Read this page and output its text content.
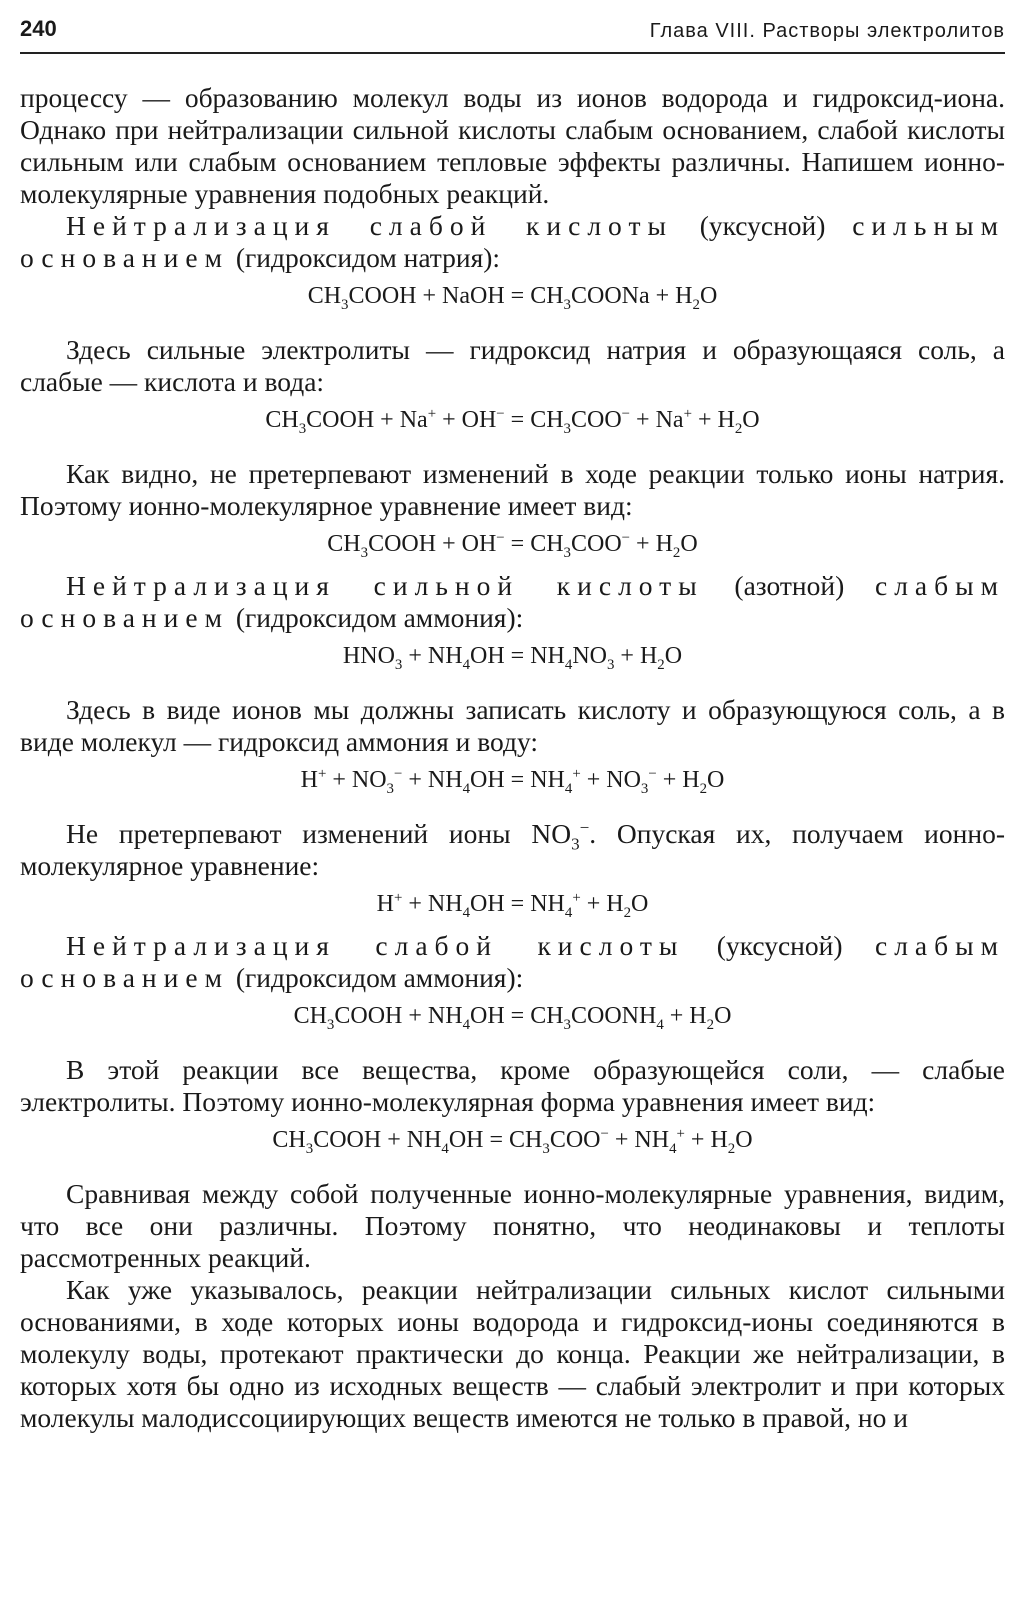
240	Глава VIII. Растворы электролитов

процессу — образованию молекул воды из ионов водорода и гидроксид-иона. Однако при нейтрализации сильной кислоты слабым основанием, слабой кислоты сильным или слабым основанием тепловые эффекты различны. Напишем ионно-молекулярные уравнения подобных реакций.

Нейтрализация слабой кислоты (уксусной) сильным основанием (гидроксидом натрия):

$CH_3COOH$ + NaOH = $CH_3COONa + H_2O$

Здесь сильные электролиты — гидроксид натрия и образующаяся соль, а слабые — кислота и вода:

$CH_3COOH + Na^+ + OH^- = CH_3COO^- + Na^+ + H_2O$

Как видно, не претерпевают изменений в ходе реакции только ионы натрия. Поэтому ионно-молекулярное уравнение имеет вид:

$CH_3COOH + OH^- = CH_3COO^- + H_2O$

Нейтрализация сильной кислоты (азотной) слабым основанием (гидроксидом аммония):

$HNO_3 + NH_4OH = NH_4NO_3 + H_2O$

Здесь в виде ионов мы должны записать кислоту и образующуюся соль, а в виде молекул — гидроксид аммония и воду:

$H^+ + NO_3^- + NH_4OH = NH_4^+ + NO_3^- + H_2O$

Не претерпевают изменений ионы $NO_3^-$. Опуская их, получаем ионно-молекулярное уравнение:

$H^+ + NH_4OH = NH_4^+ + H_2O$

Нейтрализация слабой кислоты (уксусной) слабым основанием (гидроксидом аммония):

$CH_3COOH + NH_4OH$ = $CH_3COONH_4 + H_2O$

В этой реакции все вещества, кроме образующейся соли, — слабые электролиты. Поэтому ионно-молекулярная форма уравнения имеет вид:

$CH_3COOH + NH_4OH = CH_3COO^- + NH_4^+ + H_2O$

Сравнивая между собой полученные ионно-молекулярные уравнения, видим, что все они различны. Поэтому понятно, что неодинаковы и теплоты рассмотренных реакций.

Как уже указывалось, реакции нейтрализации сильных кислот сильными основаниями, в ходе которых ионы водорода и гидроксид-ионы соединяются в молекулу воды, протекают практически до конца. Реакции же нейтрализации, в которых хотя бы одно из исходных веществ — слабый электролит и при которых молекулы малодиссоциирующих веществ имеются не только в правой, но и
